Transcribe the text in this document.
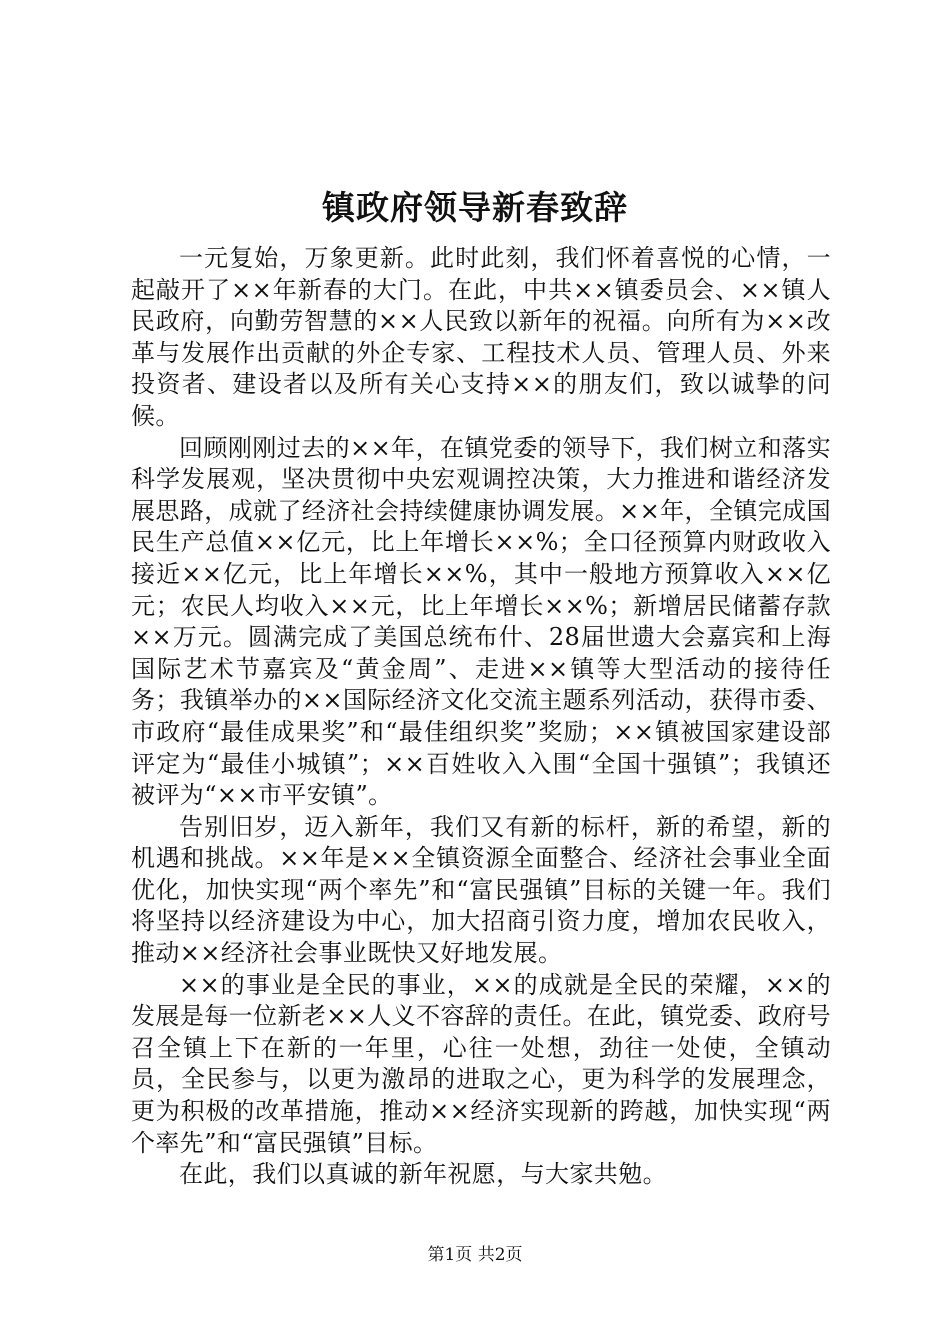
镇政府领导新春致辞

一元复始，万象更新。此时此刻，我们怀着喜悦的心情，一起敲开了××年新春的大门。在此，中共××镇委员会、××镇人民政府，向勤劳智慧的××人民致以新年的祝福。向所有为××改革与发展作出贡献的外企专家、工程技术人员、管理人员、外来投资者、建设者以及所有关心支持××的朋友们，致以诚挚的问候。

回顾刚刚过去的××年，在镇党委的领导下，我们树立和落实科学发展观，坚决贯彻中央宏观调控决策，大力推进和谐经济发展思路，成就了经济社会持续健康协调发展。××年，全镇完成国民生产总值××亿元，比上年增长××%；全口径预算内财政收入接近××亿元，比上年增长××%，其中一般地方预算收入××亿元；农民人均收入××元，比上年增长××%；新增居民储蓄存款××万元。圆满完成了美国总统布什、28届世遗大会嘉宾和上海国际艺术节嘉宾及“黄金周”、走进××镇等大型活动的接待任务；我镇举办的××国际经济文化交流主题系列活动，获得市委、市政府“最佳成果奖”和“最佳组织奖”奖励；××镇被国家建设部评定为“最佳小城镇”；××百姓收入入围“全国十强镇”；我镇还被评为“××市平安镇”。

告别旧岁，迈入新年，我们又有新的标杆，新的希望，新的机遇和挑战。××年是××全镇资源全面整合、经济社会事业全面优化，加快实现“两个率先”和“富民强镇”目标的关键一年。我们将坚持以经济建设为中心，加大招商引资力度，增加农民收入，推动××经济社会事业既快又好地发展。

××的事业是全民的事业，××的成就是全民的荣耀，××的发展是每一位新老××人义不容辞的责任。在此，镇党委、政府号召全镇上下在新的一年里，心往一处想，劲往一处使，全镇动员，全民参与，以更为激昂的进取之心，更为科学的发展理念，更为积极的改革措施，推动××经济实现新的跨越，加快实现“两个率先”和“富民强镇”目标。

在此，我们以真诚的新年祝愿，与大家共勉。

第1页 共2页
